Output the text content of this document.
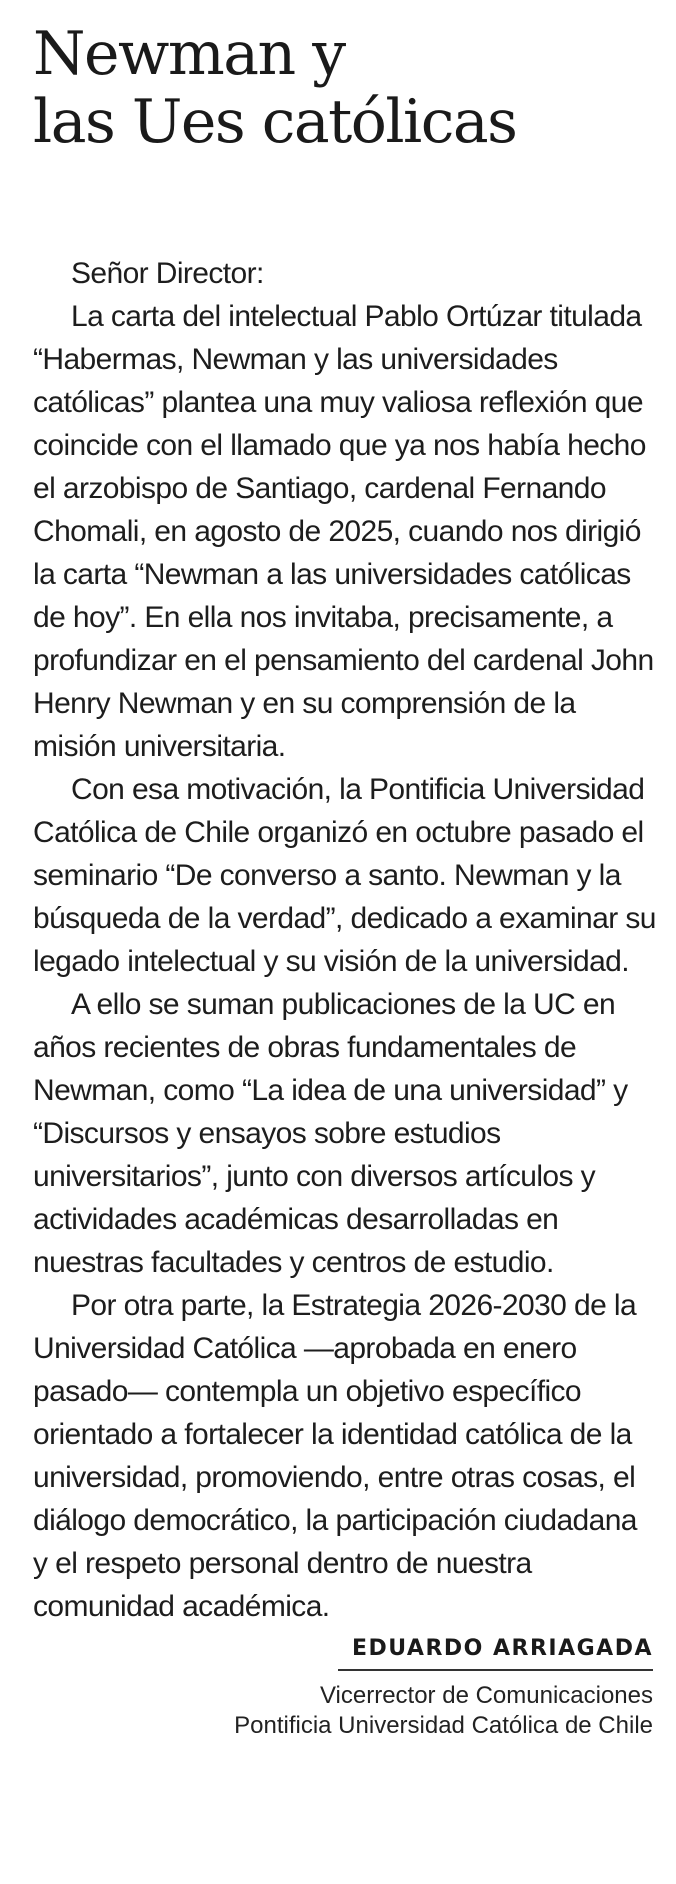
Newman y
las Ues católicas
Señor Director:

La carta del intelectual Pablo Ortúzar titulada “Habermas, Newman y las universidades católicas” plantea una muy valiosa reflexión que coincide con el llamado que ya nos había hecho el arzobispo de Santiago, cardenal Fernando Chomali, en agosto de 2025, cuando nos dirigió la carta “Newman a las universidades católicas de hoy”. En ella nos invitaba, precisamente, a profundizar en el pensamiento del cardenal John Henry Newman y en su comprensión de la misión universitaria.

Con esa motivación, la Pontificia Universidad Católica de Chile organizó en octubre pasado el seminario “De converso a santo. Newman y la búsqueda de la verdad”, dedicado a examinar su legado intelectual y su visión de la universidad.

A ello se suman publicaciones de la UC en años recientes de obras fundamentales de Newman, como “La idea de una universidad” y “Discursos y ensayos sobre estudios universitarios”, junto con diversos artículos y actividades académicas desarrolladas en nuestras facultades y centros de estudio.

Por otra parte, la Estrategia 2026-2030 de la Universidad Católica —aprobada en enero pasado— contempla un objetivo específico orientado a fortalecer la identidad católica de la universidad, promoviendo, entre otras cosas, el diálogo democrático, la participación ciudadana y el respeto personal dentro de nuestra comunidad académica.

EDUARDO ARRIAGADA
Vicerrector de Comunicaciones
Pontificia Universidad Católica de Chile
